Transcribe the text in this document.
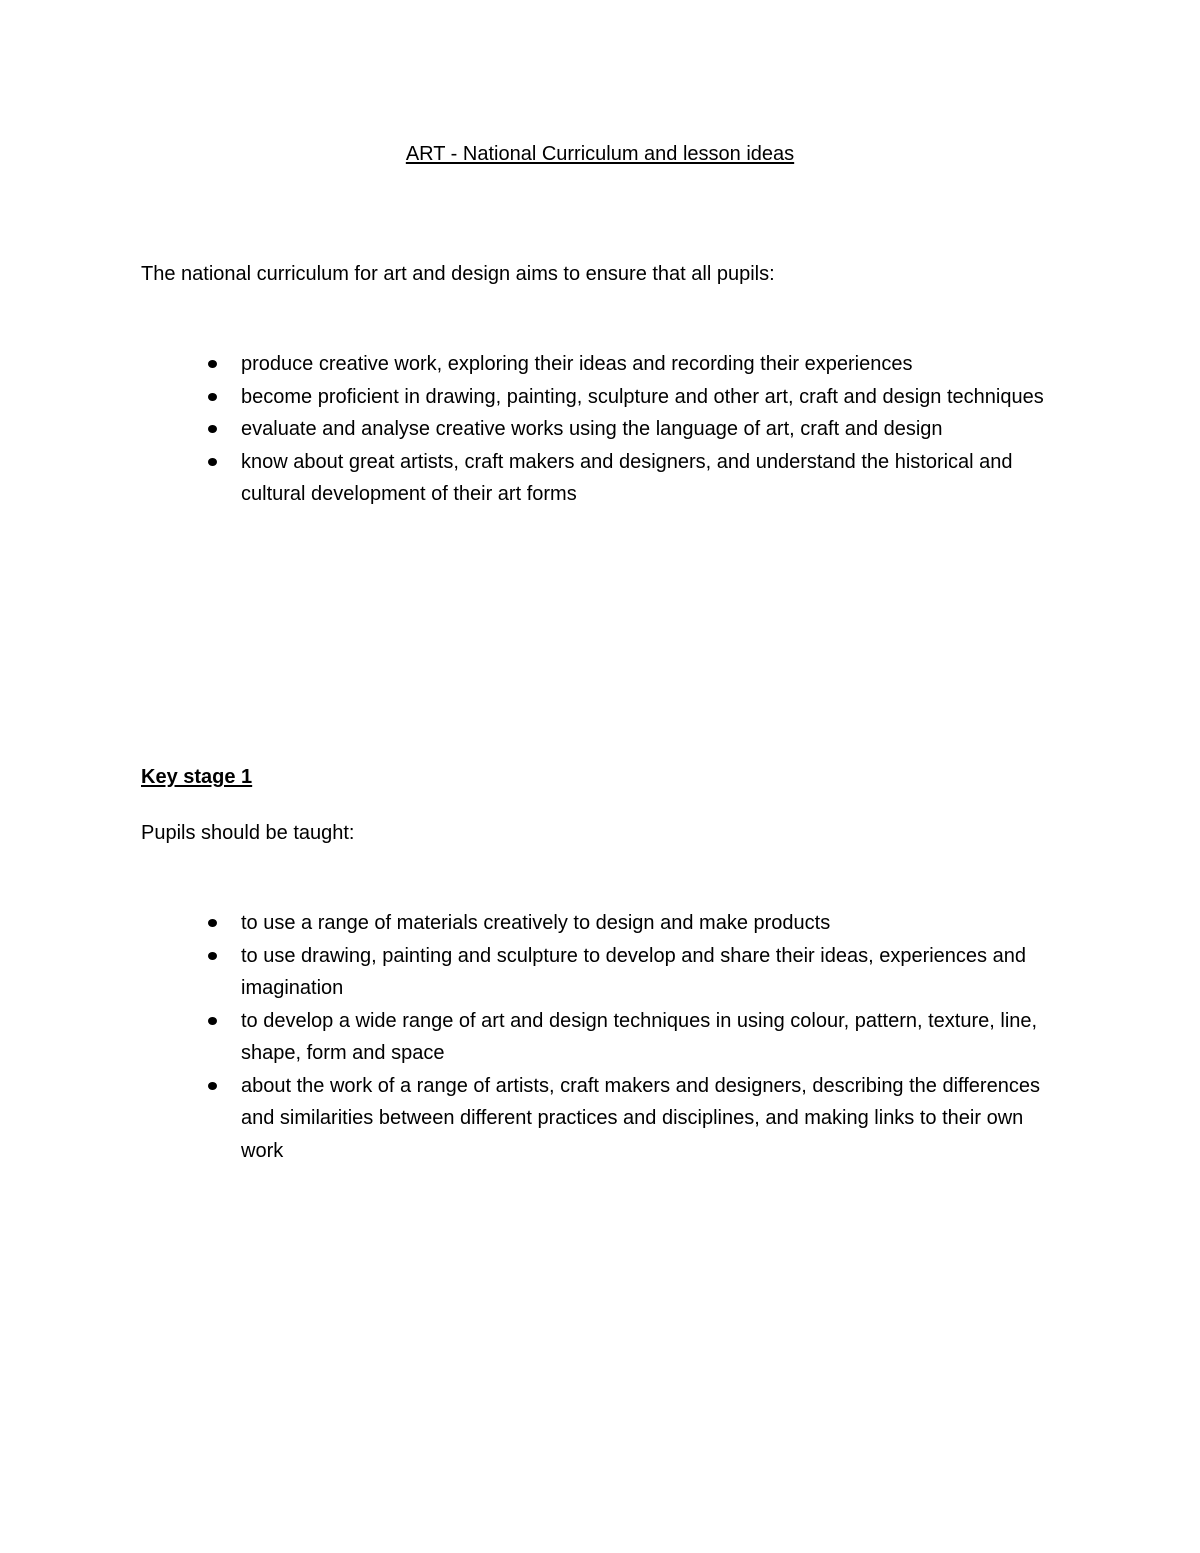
ART - National Curriculum and lesson ideas

The national curriculum for art and design aims to ensure that all pupils:

produce creative work, exploring their ideas and recording their experiences
become proficient in drawing, painting, sculpture and other art, craft and design techniques
evaluate and analyse creative works using the language of art, craft and design
know about great artists, craft makers and designers, and understand the historical and cultural development of their art forms

Key stage 1

Pupils should be taught:

to use a range of materials creatively to design and make products
to use drawing, painting and sculpture to develop and share their ideas, experiences and imagination
to develop a wide range of art and design techniques in using colour, pattern, texture, line, shape, form and space
about the work of a range of artists, craft makers and designers, describing the differences and similarities between different practices and disciplines, and making links to their own work
